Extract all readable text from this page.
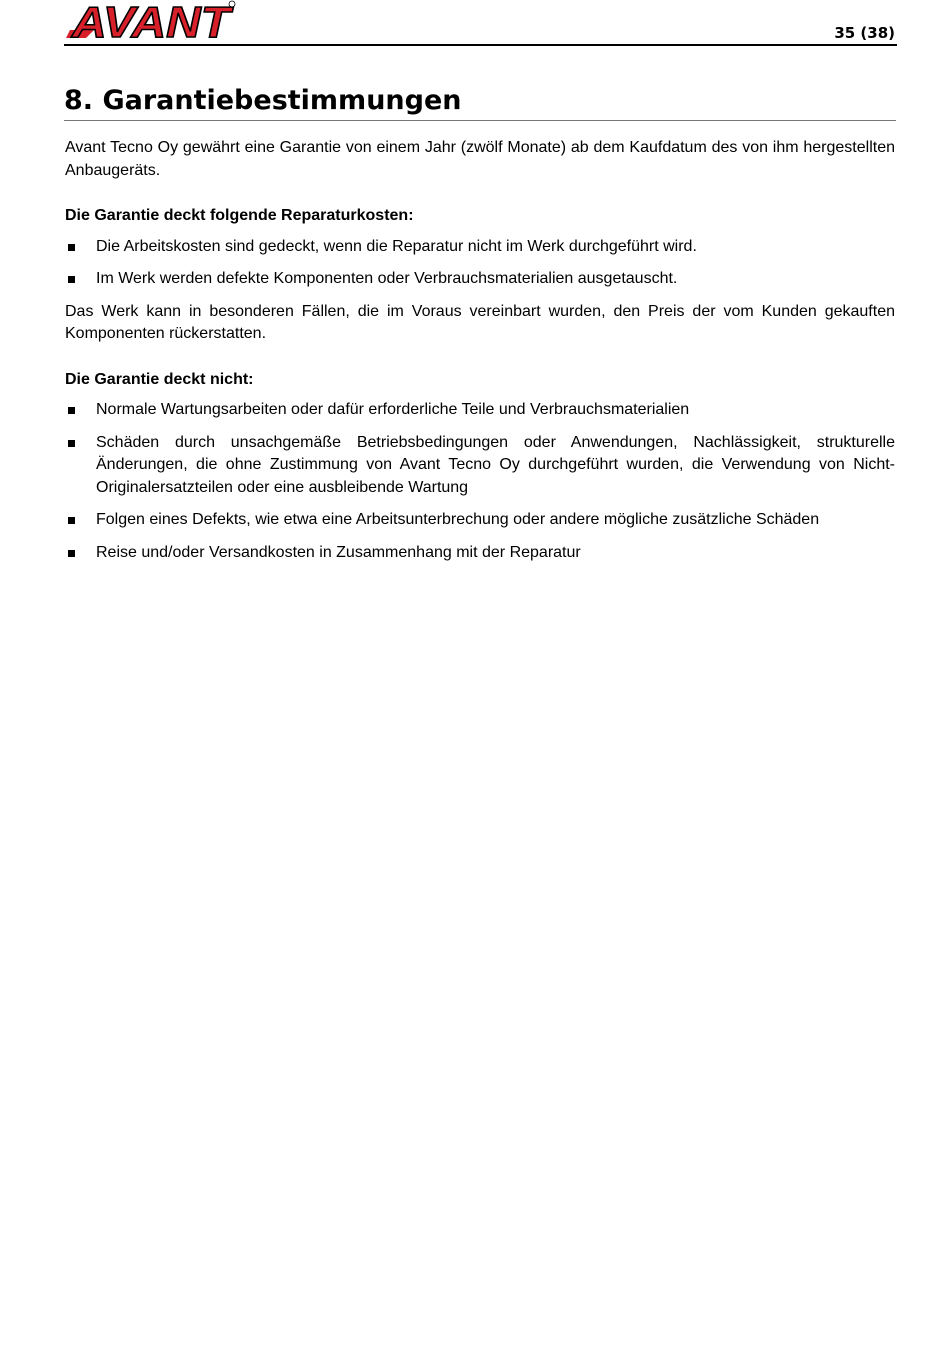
AVANT	35 (38)
8. Garantiebestimmungen

Avant Tecno Oy gewährt eine Garantie von einem Jahr (zwölf Monate) ab dem Kaufdatum des von ihm hergestellten Anbaugeräts.

Die Garantie deckt folgende Reparaturkosten:

Die Arbeitskosten sind gedeckt, wenn die Reparatur nicht im Werk durchgeführt wird.
Im Werk werden defekte Komponenten oder Verbrauchsmaterialien ausgetauscht.

Das Werk kann in besonderen Fällen, die im Voraus vereinbart wurden, den Preis der vom Kunden gekauften Komponenten rückerstatten.

Die Garantie deckt nicht:

Normale Wartungsarbeiten oder dafür erforderliche Teile und Verbrauchsmaterialien
Schäden durch unsachgemäße Betriebsbedingungen oder Anwendungen, Nachlässigkeit, strukturelle Änderungen, die ohne Zustimmung von Avant Tecno Oy durchgeführt wurden, die Verwendung von Nicht-Originalersatzteilen oder eine ausbleibende Wartung
Folgen eines Defekts, wie etwa eine Arbeitsunterbrechung oder andere mögliche zusätzliche Schäden
Reise und/oder Versandkosten in Zusammenhang mit der Reparatur
